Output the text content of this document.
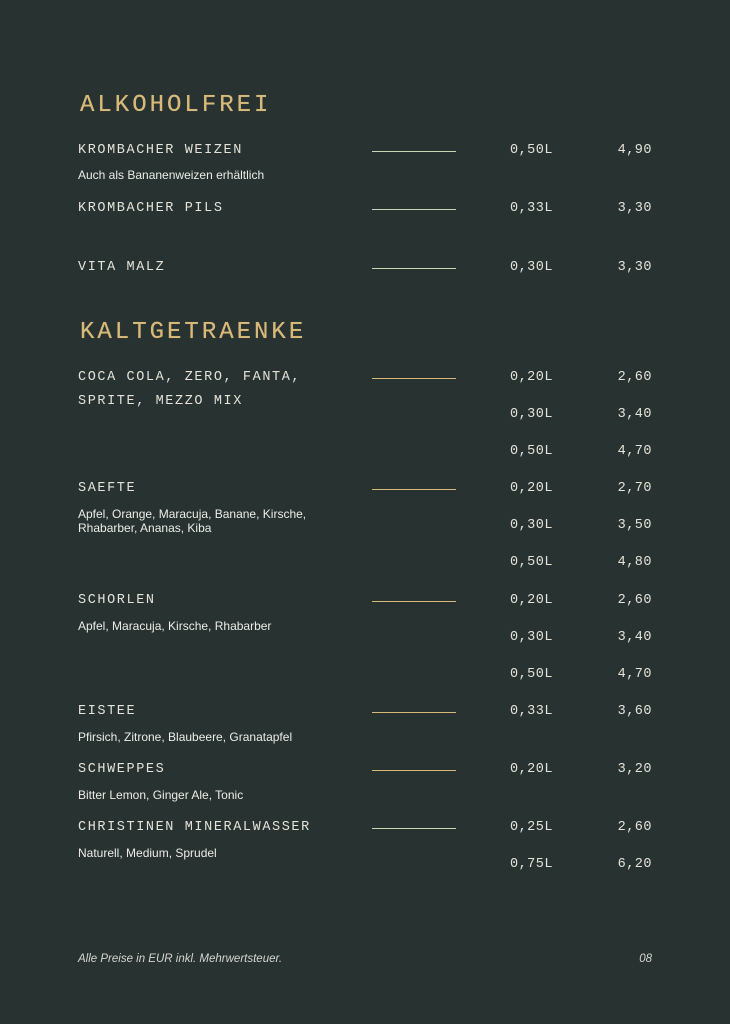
ALKOHOLFREI
KROMBACHER WEIZEN	0,50L	4,90
Auch als Bananenweizen erhältlich
KROMBACHER PILS	0,33L	3,30
VITA MALZ	0,30L	3,30
KALTGETRAENKE
COCA COLA, ZERO, FANTA,
SPRITE, MEZZO MIX
0,20L	2,60
0,30L	3,40
0,50L	4,70
SAEFTE
Apfel, Orange, Maracuja, Banane, Kirsche,
Rhabarber, Ananas, Kiba
0,20L	2,70
0,30L	3,50
0,50L	4,80
SCHORLEN
Apfel, Maracuja, Kirsche, Rhabarber
0,20L	2,60
0,30L	3,40
0,50L	4,70
EISTEE
Pfirsich, Zitrone, Blaubeere, Granatapfel
0,33L	3,60
SCHWEPPES
Bitter Lemon, Ginger Ale, Tonic
0,20L	3,20
CHRISTINEN MINERALWASSER
Naturell, Medium, Sprudel
0,25L	2,60
0,75L	6,20
Alle Preise in EUR inkl. Mehrwertsteuer.	08
